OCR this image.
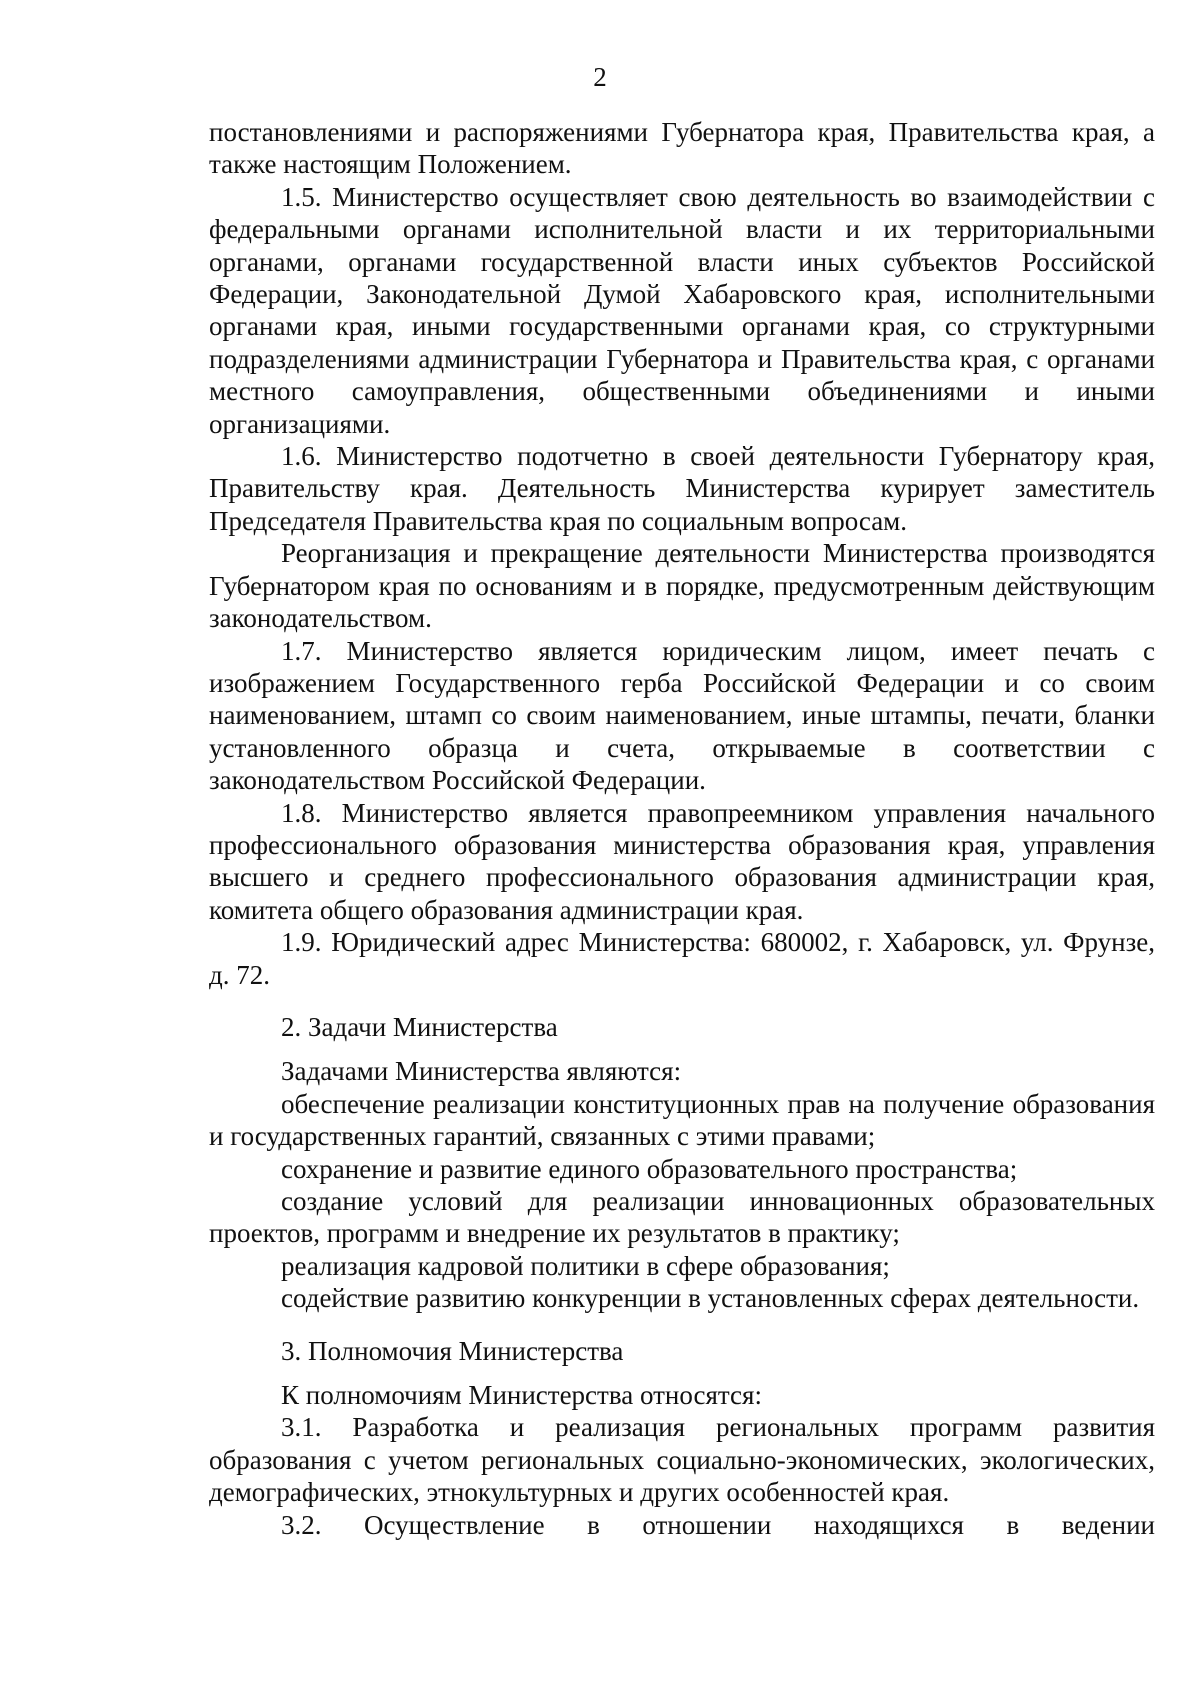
2

постановлениями и распоряжениями Губернатора края, Правительства края, а также настоящим Положением.

1.5. Министерство осуществляет свою деятельность во взаимодействии с федеральными органами исполнительной власти и их территориальными органами, органами государственной власти иных субъектов Российской Федерации, Законодательной Думой Хабаровского края, исполнительными органами края, иными государственными органами края, со структурными подразделениями администрации Губернатора и Правительства края, с органами местного самоуправления, общественными объединениями и иными организациями.

1.6. Министерство подотчетно в своей деятельности Губернатору края, Правительству края. Деятельность Министерства курирует заместитель Председателя Правительства края по социальным вопросам.

Реорганизация и прекращение деятельности Министерства производятся Губернатором края по основаниям и в порядке, предусмотренным действующим законодательством.

1.7. Министерство является юридическим лицом, имеет печать с изображением Государственного герба Российской Федерации и со своим наименованием, штамп со своим наименованием, иные штампы, печати, бланки установленного образца и счета, открываемые в соответствии с законодательством Российской Федерации.

1.8. Министерство является правопреемником управления начального профессионального образования министерства образования края, управления высшего и среднего профессионального образования администрации края, комитета общего образования администрации края.

1.9. Юридический адрес Министерства: 680002, г. Хабаровск, ул. Фрунзе, д. 72.

2. Задачи Министерства

Задачами Министерства являются:

обеспечение реализации конституционных прав на получение образования и государственных гарантий, связанных с этими правами;

сохранение и развитие единого образовательного пространства;

создание условий для реализации инновационных образовательных проектов, программ и внедрение их результатов в практику;

реализация кадровой политики в сфере образования;

содействие развитию конкуренции в установленных сферах деятельности.

3. Полномочия Министерства

К полномочиям Министерства относятся:

3.1. Разработка и реализация региональных программ развития образования с учетом региональных социально-экономических, экологических, демографических, этнокультурных и других особенностей края.

3.2. Осуществление в отношении находящихся в ведении
